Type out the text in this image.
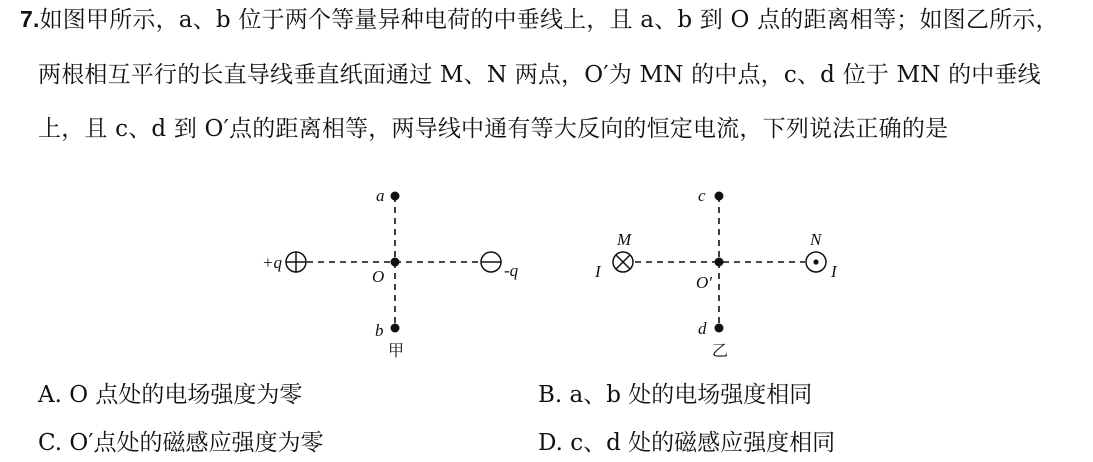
7.如图甲所示，a、b 位于两个等量异种电荷的中垂线上，且 a、b 到 O 点的距离相等；如图乙所示，
两根相互平行的长直导线垂直纸面通过 M、N 两点，O′为 MN 的中点，c、d 位于 MN 的中垂线
上，且 c、d 到 O′点的距离相等，两导线中通有等大反向的恒定电流，下列说法正确的是
a
b
O
+q	-q
甲
c
d
O′
M	N
I	I
乙
A. O 点处的电场强度为零	B. a、b 处的电场强度相同
C. O′点处的磁感应强度为零	D. c、d 处的磁感应强度相同
